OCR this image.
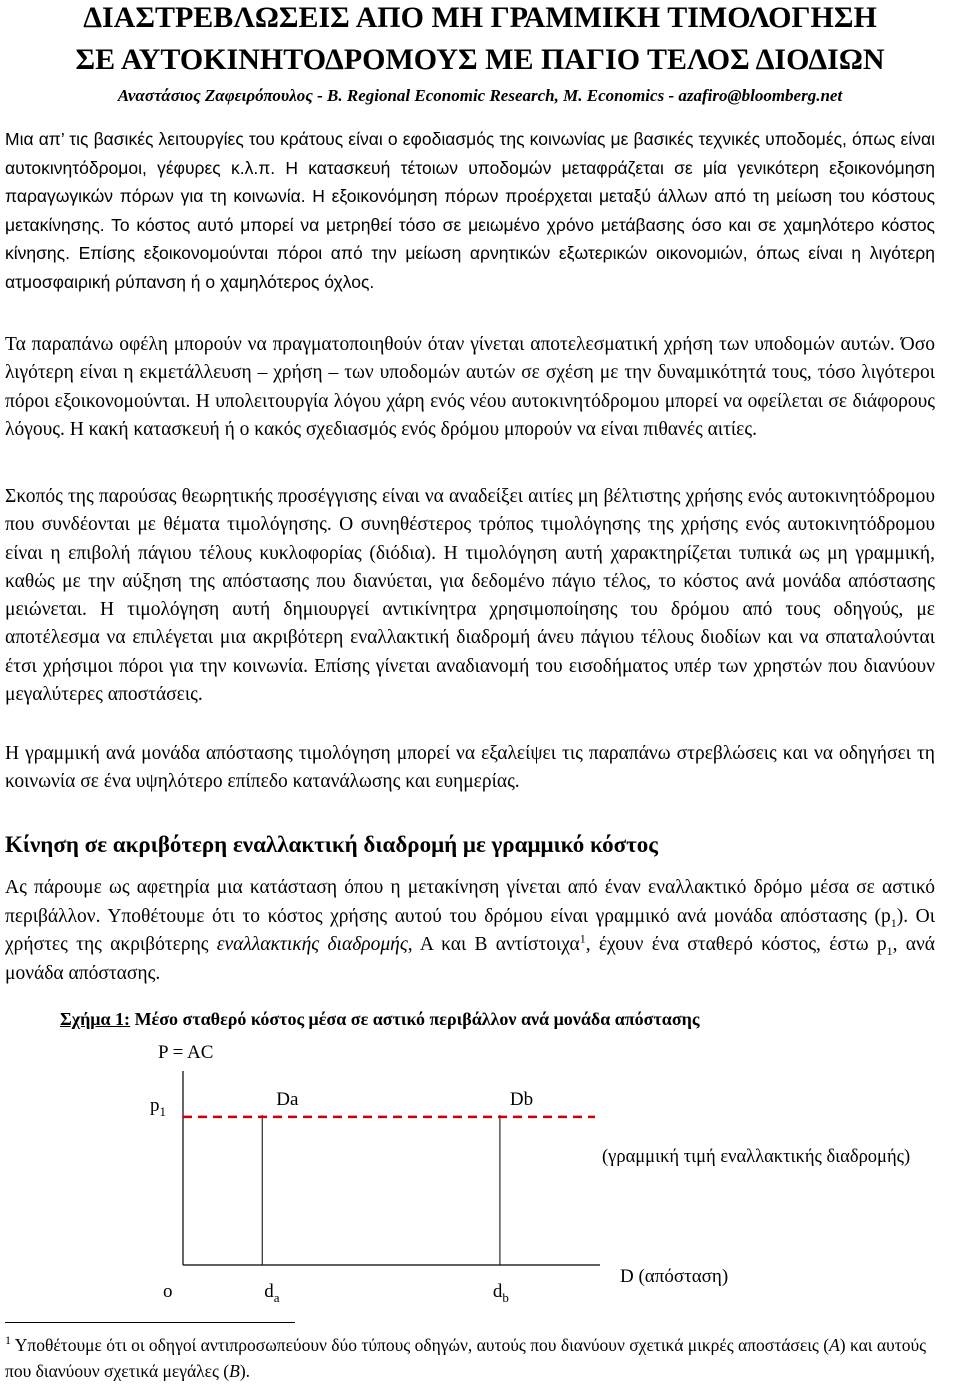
ΔΙΑΣΤΡΕΒΛΩΣΕΙΣ ΑΠΟ ΜΗ ΓΡΑΜΜΙΚΗ ΤΙΜΟΛΟΓΗΣΗ
ΣΕ ΑΥΤΟΚΙΝΗΤΟΔΡΟΜΟΥΣ ΜΕ ΠΑΓΙΟ ΤΕΛΟΣ ΔΙΟΔΙΩΝ
Αναστάσιος Ζαφειρόπουλος - B. Regional Economic Research, M. Economics - azafiro@bloomberg.net

Μια απ’ τις βασικές λειτουργίες του κράτους είναι ο εφοδιασμός της κοινωνίας με βασικές τεχνικές υποδομές, όπως είναι αυτοκινητόδρομοι, γέφυρες κ.λ.π. Η κατασκευή τέτοιων υποδομών μεταφράζεται σε μία γενικότερη εξοικονόμηση παραγωγικών πόρων για τη κοινωνία. Η εξοικονόμηση πόρων προέρχεται μεταξύ άλλων από τη μείωση του κόστους μετακίνησης. Το κόστος αυτό μπορεί να μετρηθεί τόσο σε μειωμένο χρόνο μετάβασης όσο και σε χαμηλότερο κόστος κίνησης. Επίσης εξοικονομούνται πόροι από την μείωση αρνητικών εξωτερικών οικονομιών, όπως είναι η λιγότερη ατμοσφαιρική ρύπανση ή ο χαμηλότερος όχλος.

Τα παραπάνω οφέλη μπορούν να πραγματοποιηθούν όταν γίνεται αποτελεσματική χρήση των υποδομών αυτών. Όσο λιγότερη είναι η εκμετάλλευση – χρήση – των υποδομών αυτών σε σχέση με την δυναμικότητά τους, τόσο λιγότεροι πόροι εξοικονομούνται. Η υπολειτουργία λόγου χάρη ενός νέου αυτοκινητόδρομου μπορεί να οφείλεται σε διάφορους λόγους. Η κακή κατασκευή ή ο κακός σχεδιασμός ενός δρόμου μπορούν να είναι πιθανές αιτίες.

Σκοπός της παρούσας θεωρητικής προσέγγισης είναι να αναδείξει αιτίες μη βέλτιστης χρήσης ενός αυτοκινητόδρομου που συνδέονται με θέματα τιμολόγησης. Ο συνηθέστερος τρόπος τιμολόγησης της χρήσης ενός αυτοκινητόδρομου είναι η επιβολή πάγιου τέλους κυκλοφορίας (διόδια). Η τιμολόγηση αυτή χαρακτηρίζεται τυπικά ως μη γραμμική, καθώς με την αύξηση της απόστασης που διανύεται, για δεδομένο πάγιο τέλος, το κόστος ανά μονάδα απόστασης μειώνεται. Η τιμολόγηση αυτή δημιουργεί αντικίνητρα χρησιμοποίησης του δρόμου από τους οδηγούς, με αποτέλεσμα να επιλέγεται μια ακριβότερη εναλλακτική διαδρομή άνευ πάγιου τέλους διοδίων και να σπαταλούνται έτσι χρήσιμοι πόροι για την κοινωνία. Επίσης γίνεται αναδιανομή του εισοδήματος υπέρ των χρηστών που διανύουν μεγαλύτερες αποστάσεις.

Η γραμμική ανά μονάδα απόστασης τιμολόγηση μπορεί να εξαλείψει τις παραπάνω στρεβλώσεις και να οδηγήσει τη κοινωνία σε ένα υψηλότερο επίπεδο κατανάλωσης και ευημερίας.

Κίνηση σε ακριβότερη εναλλακτική διαδρομή με γραμμικό κόστος

Ας πάρουμε ως αφετηρία μια κατάσταση όπου η μετακίνηση γίνεται από έναν εναλλακτικό δρόμο μέσα σε αστικό περιβάλλον. Υποθέτουμε ότι το κόστος χρήσης αυτού του δρόμου είναι γραμμικό ανά μονάδα απόστασης $(p_1)$. Οι χρήστες της ακριβότερης εναλλακτικής διαδρομής, Α και Β αντίστοιχα$^1$, έχουν ένα σταθερό κόστος, έστω $p_1$, ανά μονάδα απόστασης.

Σχήμα 1: Μέσο σταθερό κόστος μέσα σε αστικό περιβάλλον ανά μονάδα απόστασης
P = AC
Da	Db
$d_a$	$d_b$
$p_1$
o
D (απόσταση)
(γραμμική τιμή εναλλακτικής διαδρομής)

$^1$ Υποθέτουμε ότι οι οδηγοί αντιπροσωπεύουν δύο τύπους οδηγών, αυτούς που διανύουν σχετικά μικρές αποστάσεις (A) και αυτούς που διανύουν σχετικά μεγάλες (B).
